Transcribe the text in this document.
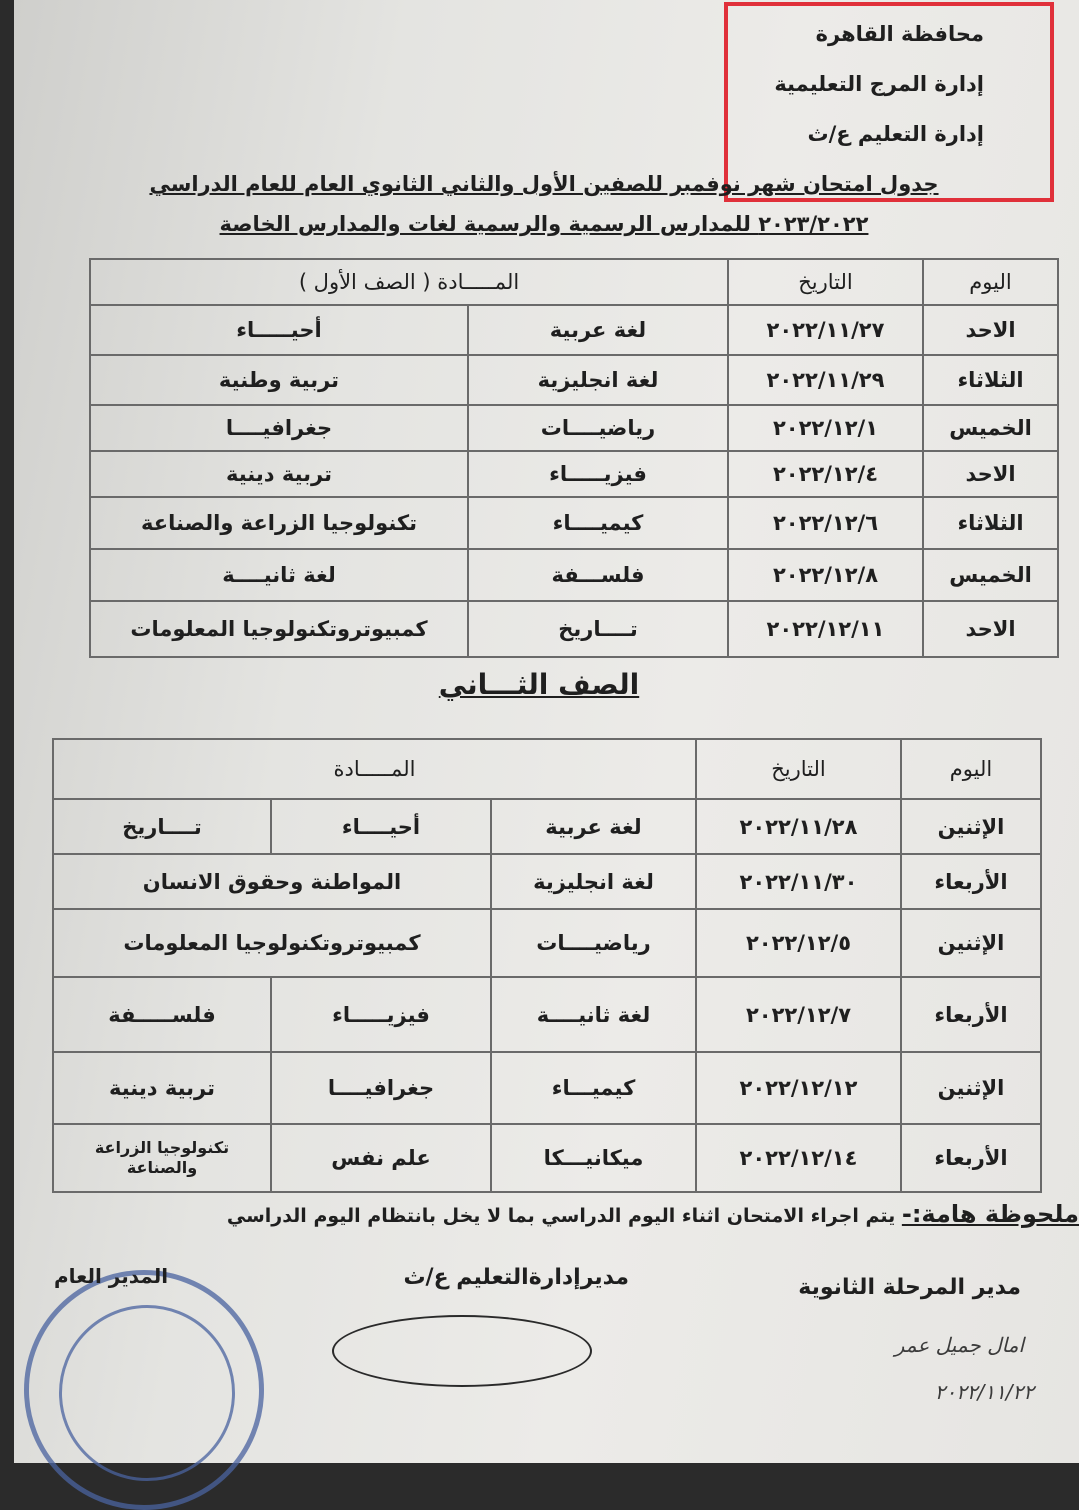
محافظة القاهرة
إدارة المرج التعليمية
إدارة التعليم ع/ث
جدول امتحان شهر نوفمبر للصفين الأول والثاني الثانوي العام للعام الدراسي
٢٠٢٣/٢٠٢٢ للمدارس الرسمية والرسمية لغات والمدارس الخاصة
اليوم	التاريخ	المـــــادة ( الصف الأول )	
الاحد	٢٠٢٢/١١/٢٧	لغة عربية	أحيـــــاء
الثلاثاء	٢٠٢٢/١١/٢٩	لغة انجليزية	تربية وطنية
الخميس	٢٠٢٢/١٢/١	رياضيــــات	جغرافيــــا
الاحد	٢٠٢٢/١٢/٤	فيزيـــــاء	تربية دينية
الثلاثاء	٢٠٢٢/١٢/٦	كيميــــاء	تكنولوجيا الزراعة والصناعة
الخميس	٢٠٢٢/١٢/٨	فلســـفة	لغة ثانيــــة
الاحد	٢٠٢٢/١٢/١١	تــــاريخ	كمبيوتروتكنولوجيا المعلومات
الصف الثـــاني
اليوم	التاريخ	المـــــادة		
الإثنين	٢٠٢٢/١١/٢٨	لغة عربية	أحيــــاء	تــــاريخ
الأربعاء	٢٠٢٢/١١/٣٠	لغة انجليزية	المواطنة وحقوق الانسان	
الإثنين	٢٠٢٢/١٢/٥	رياضيــــات	كمبيوتروتكنولوجيا المعلومات	
الأربعاء	٢٠٢٢/١٢/٧	لغة ثانيــــة	فيزيـــــاء	فلســـــفة
الإثنين	٢٠٢٢/١٢/١٢	كيميـــاء	جغرافيــــا	تربية دينية
الأربعاء	٢٠٢٢/١٢/١٤	ميكانيـــكا	علم نفس	تكنولوجيا الزراعة والصناعة
ملحوظة هامة:- يتم اجراء الامتحان اثناء اليوم الدراسي بما لا يخل بانتظام اليوم الدراسي
مدير المرحلة الثانوية
امال جميل عمر
٢٠٢٢/١١/٢٢
مديرإدارةالتعليم ع/ث
المدير العام
